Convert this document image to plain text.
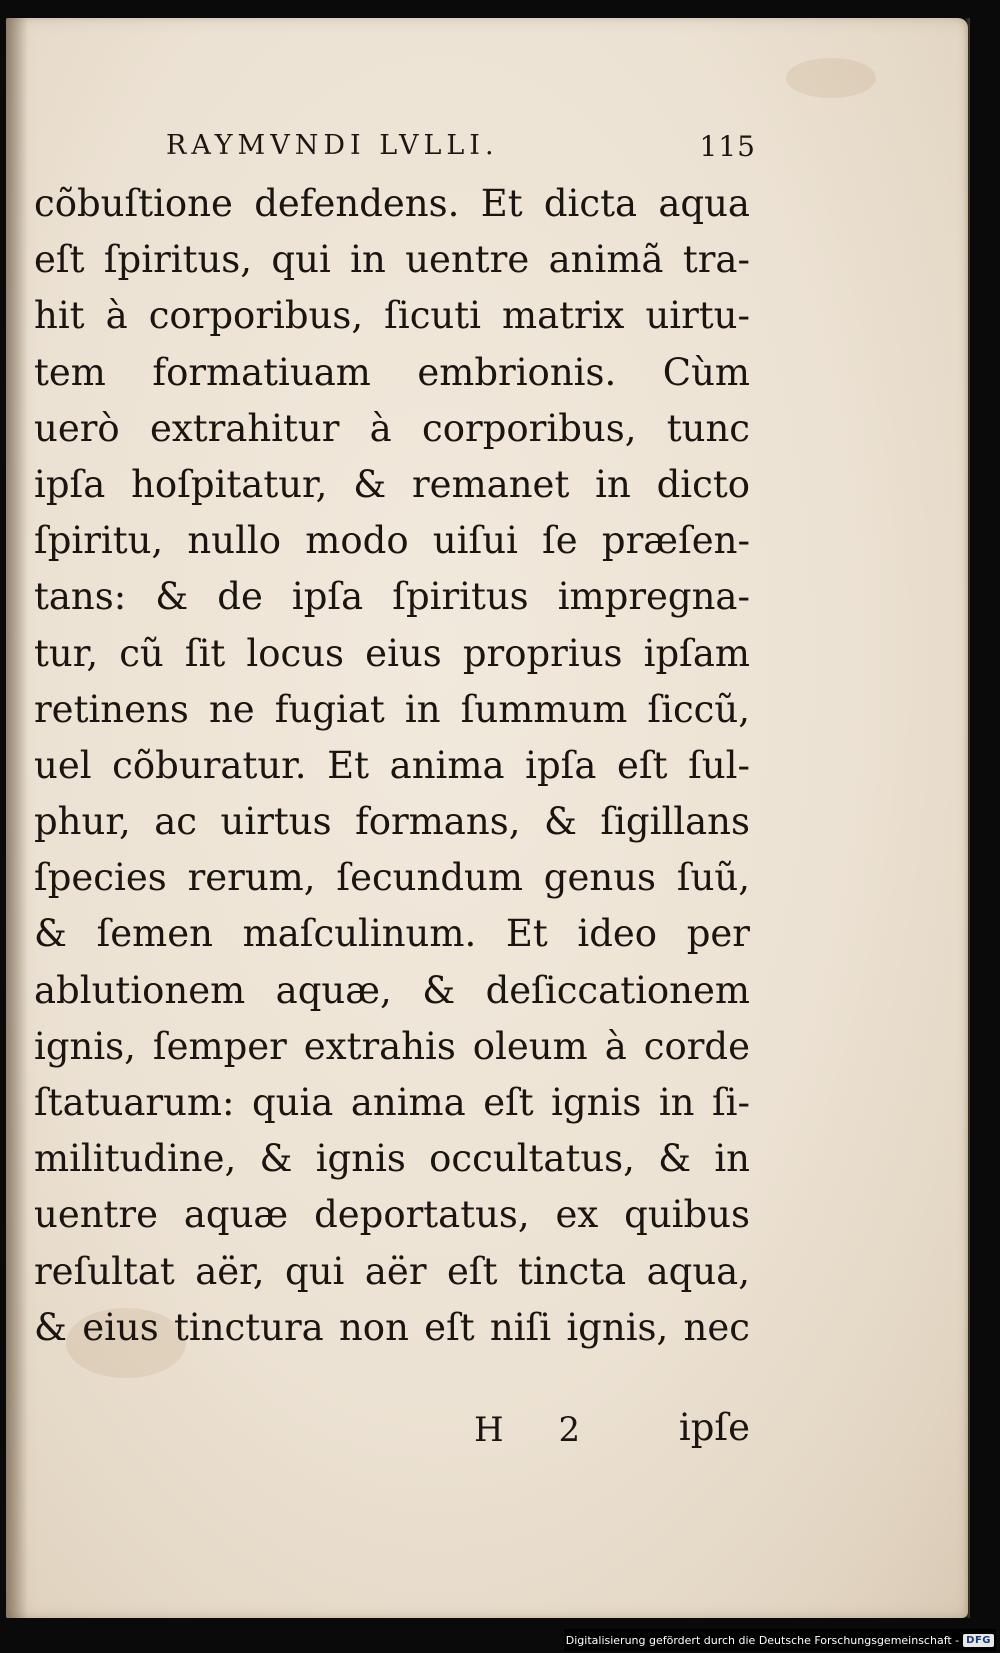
RAYMVNDI LVLLI.	115
cõbuſtione defendens. Et dicta aqua
eſt ſpiritus, qui in uentre animã tra-
hit à corporibus, ſicuti matrix uirtu-
tem formatiuam embrionis. Cùm
uerò extrahitur à corporibus, tunc
ipſa hoſpitatur, & remanet in dicto
ſpiritu, nullo modo uiſui ſe præſen-
tans: & de ipſa ſpiritus impregna-
tur, cũ ſit locus eius proprius ipſam
retinens ne fugiat in ſummum ſiccũ,
uel cõburatur. Et anima ipſa eſt ſul-
phur, ac uirtus formans, & ſigillans
ſpecies rerum, ſecundum genus ſuũ,
& ſemen maſculinum. Et ideo per
ablutionem aquæ, & deſiccationem
ignis, ſemper extrahis oleum à corde
ſtatuarum: quia anima eſt ignis in ſi-
militudine, & ignis occultatus, & in
uentre aquæ deportatus, ex quibus
reſultat aër, qui aër eſt tincta aqua,
& eius tinctura non eſt niſi ignis, nec
H 2 ipſe
Digitalisierung gefördert durch die Deutsche Forschungsgemeinschaft - DFG
